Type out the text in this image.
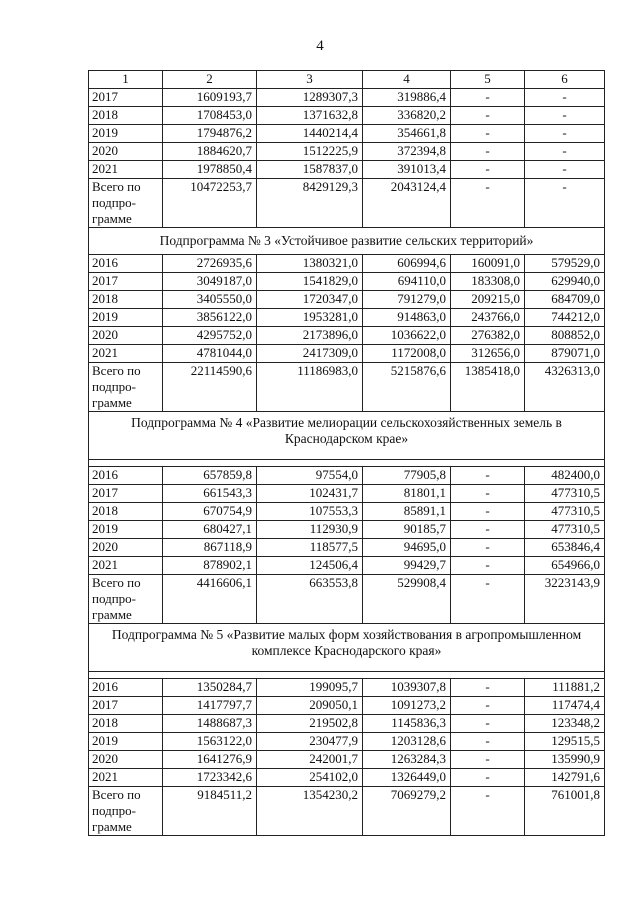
4
1	2	3	4	5	6
2017	1609193,7	1289307,3	319886,4	-	-
2018	1708453,0	1371632,8	336820,2	-	-
2019	1794876,2	1440214,4	354661,8	-	-
2020	1884620,7	1512225,9	372394,8	-	-
2021	1978850,4	1587837,0	391013,4	-	-
Всего по подпро-грамме	10472253,7	8429129,3	2043124,4	-	-
Подпрограмма № 3 «Устойчивое развитие сельских территорий»					
2016	2726935,6	1380321,0	606994,6	160091,0	579529,0
2017	3049187,0	1541829,0	694110,0	183308,0	629940,0
2018	3405550,0	1720347,0	791279,0	209215,0	684709,0
2019	3856122,0	1953281,0	914863,0	243766,0	744212,0
2020	4295752,0	2173896,0	1036622,0	276382,0	808852,0
2021	4781044,0	2417309,0	1172008,0	312656,0	879071,0
Всего по подпро-грамме	22114590,6	11186983,0	5215876,6	1385418,0	4326313,0
Подпрограмма № 4 «Развитие мелиорации сельскохозяйственных земель в Краснодарском крае»					

2016	657859,8	97554,0	77905,8	-	482400,0
2017	661543,3	102431,7	81801,1	-	477310,5
2018	670754,9	107553,3	85891,1	-	477310,5
2019	680427,1	112930,9	90185,7	-	477310,5
2020	867118,9	118577,5	94695,0	-	653846,4
2021	878902,1	124506,4	99429,7	-	654966,0
Всего по подпро-грамме	4416606,1	663553,8	529908,4	-	3223143,9
Подпрограмма № 5 «Развитие малых форм хозяйствования в агропромышленном комплексе Краснодарского края»					

2016	1350284,7	199095,7	1039307,8	-	111881,2
2017	1417797,7	209050,1	1091273,2	-	117474,4
2018	1488687,3	219502,8	1145836,3	-	123348,2
2019	1563122,0	230477,9	1203128,6	-	129515,5
2020	1641276,9	242001,7	1263284,3	-	135990,9
2021	1723342,6	254102,0	1326449,0	-	142791,6
Всего по подпро-грамме	9184511,2	1354230,2	7069279,2	-	761001,8
